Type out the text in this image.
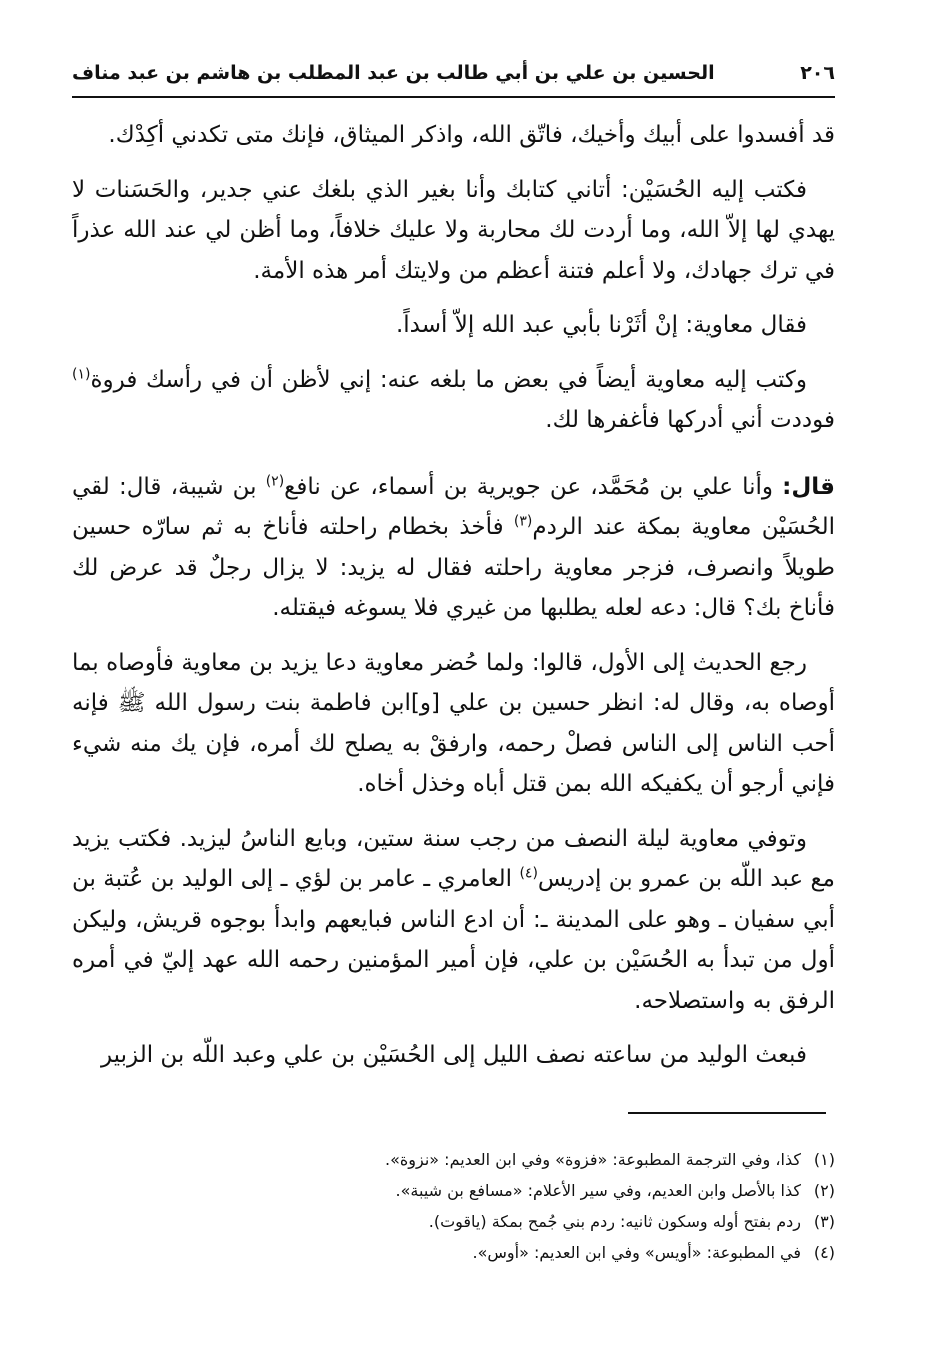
٢٠٦
الحسين بن علي بن أبي طالب بن عبد المطلب بن هاشم بن عبد مناف

قد أفسدوا على أبيك وأخيك، فاتّق الله، واذكر الميثاق، فإنك متى تكدني أكِدْك.

فكتب إليه الحُسَيْن: أتاني كتابك وأنا بغير الذي بلغك عني جدير، والحَسَنات لا يهدي لها إلاّ الله، وما أردت لك محاربة ولا عليك خلافاً، وما أظن لي عند الله عذراً في ترك جهادك، ولا أعلم فتنة أعظم من ولايتك أمر هذه الأمة.

فقال معاوية: إنْ أثَرْنا بأبي عبد الله إلاّ أسداً.

وكتب إليه معاوية أيضاً في بعض ما بلغه عنه: إني لأظن أن في رأسك فروة$^{(١)}$ فوددت أني أدركها فأغفرها لك.

قال: وأنا علي بن مُحَمَّد، عن جويرية بن أسماء، عن نافع$^{(٢)}$ بن شيبة، قال: لقي الحُسَيْن معاوية بمكة عند الردم$^{(٣)}$ فأخذ بخطام راحلته فأناخ به ثم سارّه حسين طويلاً وانصرف، فزجر معاوية راحلته فقال له يزيد: لا يزال رجلٌ قد عرض لك فأناخ بك؟ قال: دعه لعله يطلبها من غيري فلا يسوغه فيقتله.

رجع الحديث إلى الأول، قالوا: ولما حُضر معاوية دعا يزيد بن معاوية فأوصاه بما أوصاه به، وقال له: انظر حسين بن علي [و]ابن فاطمة بنت رسول الله ﷺ فإنه أحب الناس إلى الناس فصلْ رحمه، وارفقْ به يصلح لك أمره، فإن يك منه شيء فإني أرجو أن يكفيكه الله بمن قتل أباه وخذل أخاه.

وتوفي معاوية ليلة النصف من رجب سنة ستين، وبايع الناسُ ليزيد. فكتب يزيد مع عبد اللّه بن عمرو بن إدريس$^{(٤)}$ العامري ـ عامر بن لؤي ـ إلى الوليد بن عُتبة بن أبي سفيان ـ وهو على المدينة ـ: أن ادع الناس فبايعهم وابدأ بوجوه قريش، وليكن أول من تبدأ به الحُسَيْن بن علي، فإن أمير المؤمنين رحمه الله عهد إليّ في أمره الرفق به واستصلاحه.

فبعث الوليد من ساعته نصف الليل إلى الحُسَيْن بن علي وعبد اللّه بن الزبير

(١)
كذا، وفي الترجمة المطبوعة: «فزوة» وفي ابن العديم: «نزوة».
(٢)
كذا بالأصل وابن العديم، وفي سير الأعلام: «مسافع بن شيبة».
(٣)
ردم بفتح أوله وسكون ثانيه: ردم بني جُمح بمكة (ياقوت).
(٤)
في المطبوعة: «أويس» وفي ابن العديم: «أوس».
